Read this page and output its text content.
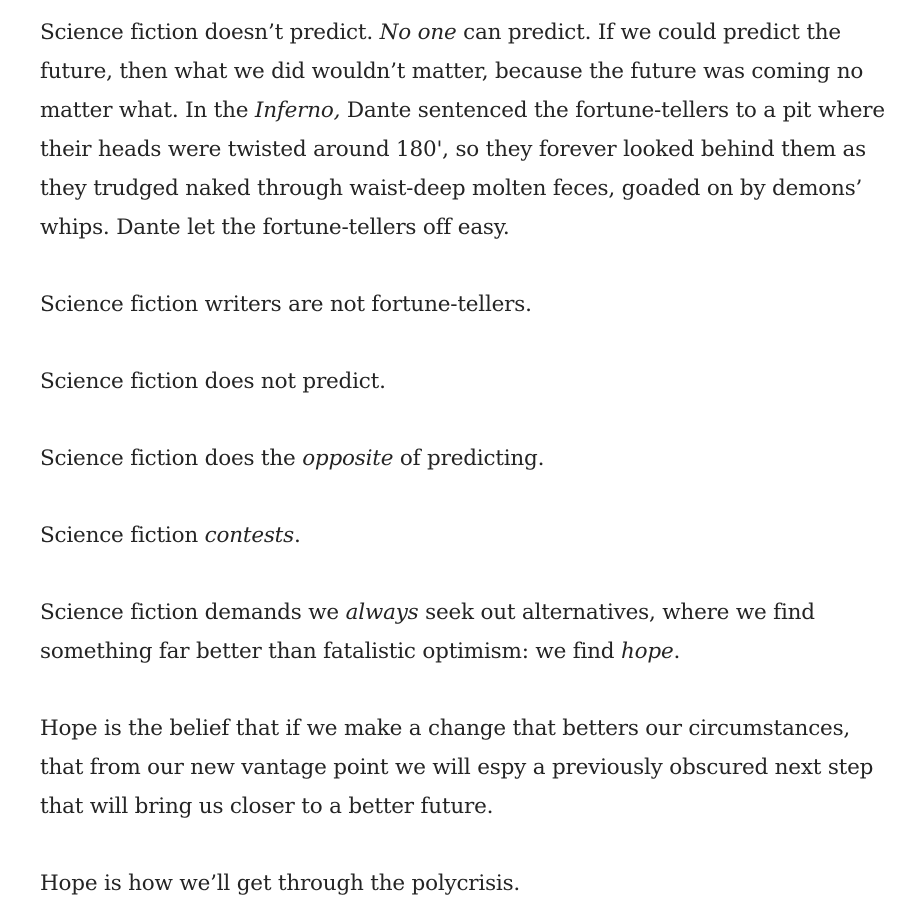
Science fiction doesn’t predict. No one can predict. If we could predict the future, then what we did wouldn’t matter, because the future was coming no matter what. In the Inferno, Dante sentenced the fortune-tellers to a pit where their heads were twisted around 180', so they forever looked behind them as they trudged naked through waist-deep molten feces, goaded on by demons’ whips. Dante let the fortune-tellers off easy.

Science fiction writers are not fortune-tellers.

Science fiction does not predict.

Science fiction does the opposite of predicting.

Science fiction contests.

Science fiction demands we always seek out alternatives, where we find something far better than fatalistic optimism: we find hope.

Hope is the belief that if we make a change that betters our circumstances, that from our new vantage point we will espy a previously obscured next step that will bring us closer to a better future.

Hope is how we’ll get through the polycrisis.
